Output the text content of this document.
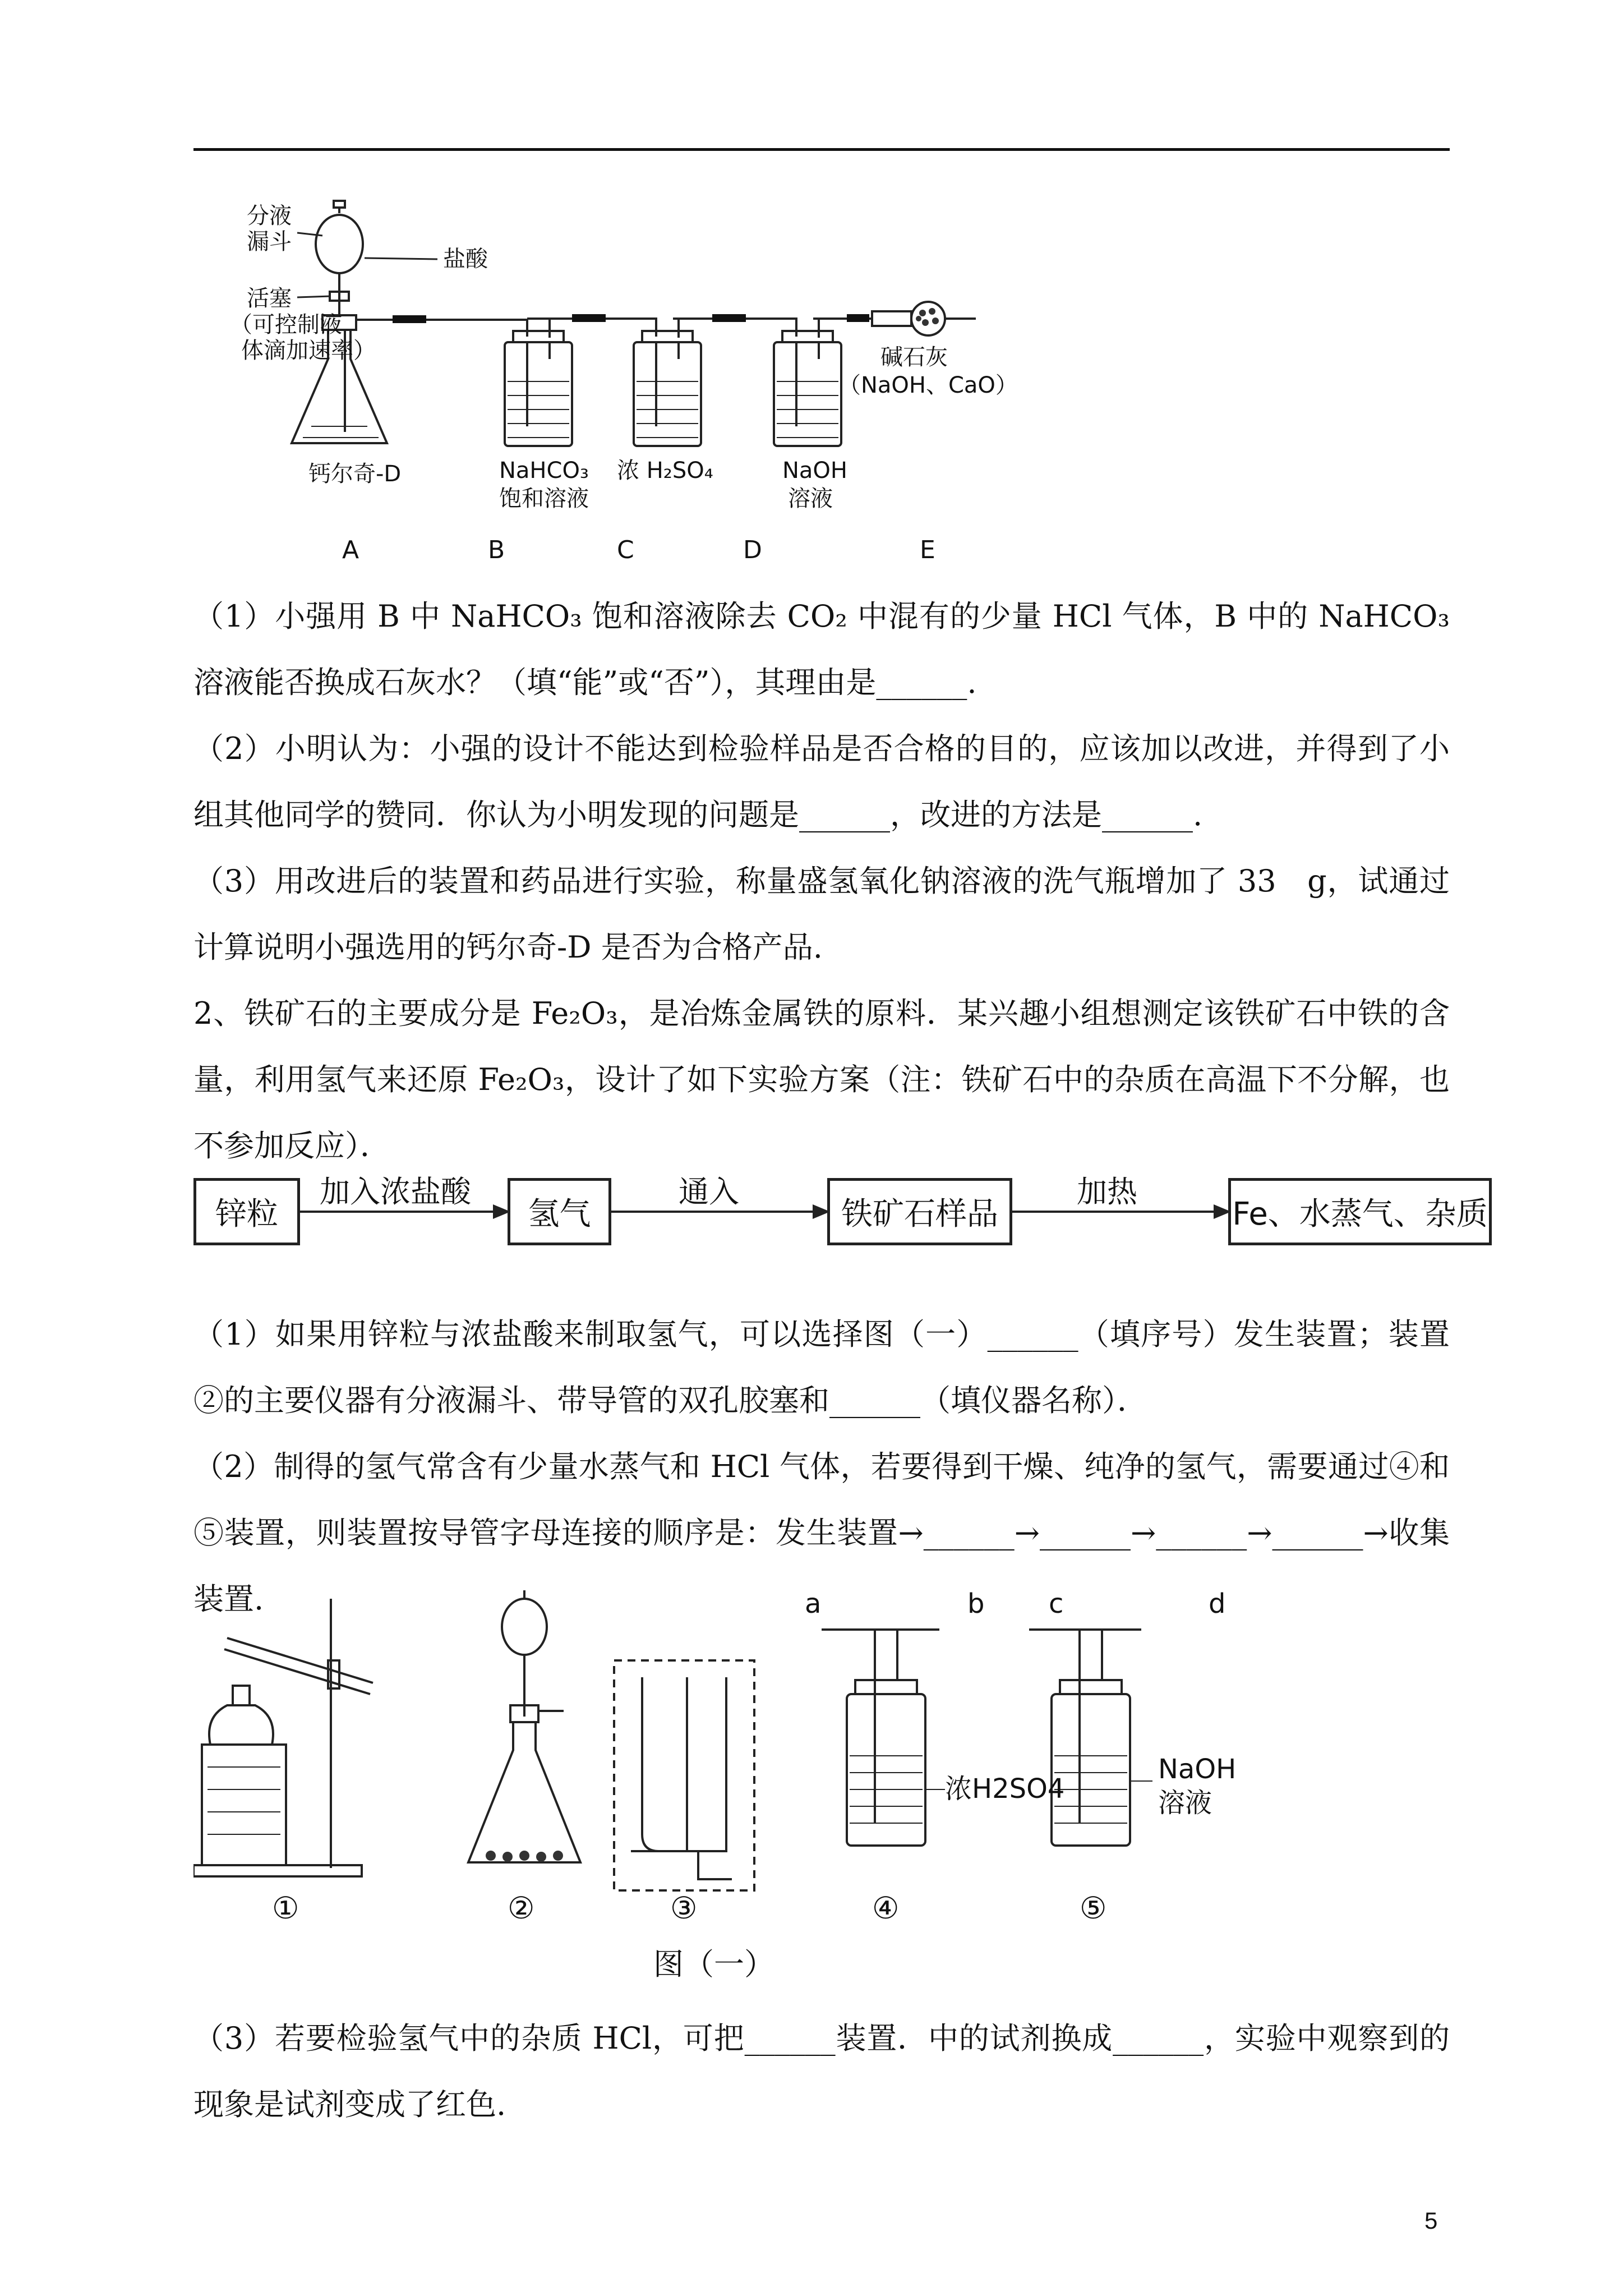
分液
漏斗
盐酸
活塞
（可控制液
体滴加速率）
钙尔奇-D	NaHCO₃
饱和溶液
浓 H₂SO₄	NaOH
溶液
碱石灰
（NaOH、CaO）
A	B	C	D	E

（1）小强用 B 中 NaHCO₃ 饱和溶液除去 CO₂ 中混有的少量 HCl 气体，B 中的 NaHCO₃ 溶液能否换成石灰水？（填“能”或“否”），其理由是______.

（2）小明认为：小强的设计不能达到检验样品是否合格的目的，应该加以改进，并得到了小组其他同学的赞同．你认为小明发现的问题是______，改进的方法是______.

（3）用改进后的装置和药品进行实验，称量盛氢氧化钠溶液的洗气瓶增加了 33　g，试通过计算说明小强选用的钙尔奇-D 是否为合格产品.

2、铁矿石的主要成分是 Fe₂O₃，是冶炼金属铁的原料．某兴趣小组想测定该铁矿石中铁的含量，利用氢气来还原 Fe₂O₃，设计了如下实验方案（注：铁矿石中的杂质在高温下不分解，也不参加反应）．

锌粒	氢气	铁矿石样品	Fe、水蒸气、杂质
加入浓盐酸	通入	加热

（1）如果用锌粒与浓盐酸来制取氢气，可以选择图（一）______（填序号）发生装置；装置②的主要仪器有分液漏斗、带导管的双孔胶塞和______（填仪器名称）．

（2）制得的氢气常含有少量水蒸气和 HCl 气体，若要得到干燥、纯净的氢气，需要通过④和⑤装置，则装置按导管字母连接的顺序是：发生装置→______→______→______→______→收集装置.	a	b c	d
浓H2SO4
NaOH
溶液
①	②	③	④	⑤
图（一）

（3）若要检验氢气中的杂质 HCl，可把______装置．中的试剂换成______，实验中观察到的现象是试剂变成了红色.

5
